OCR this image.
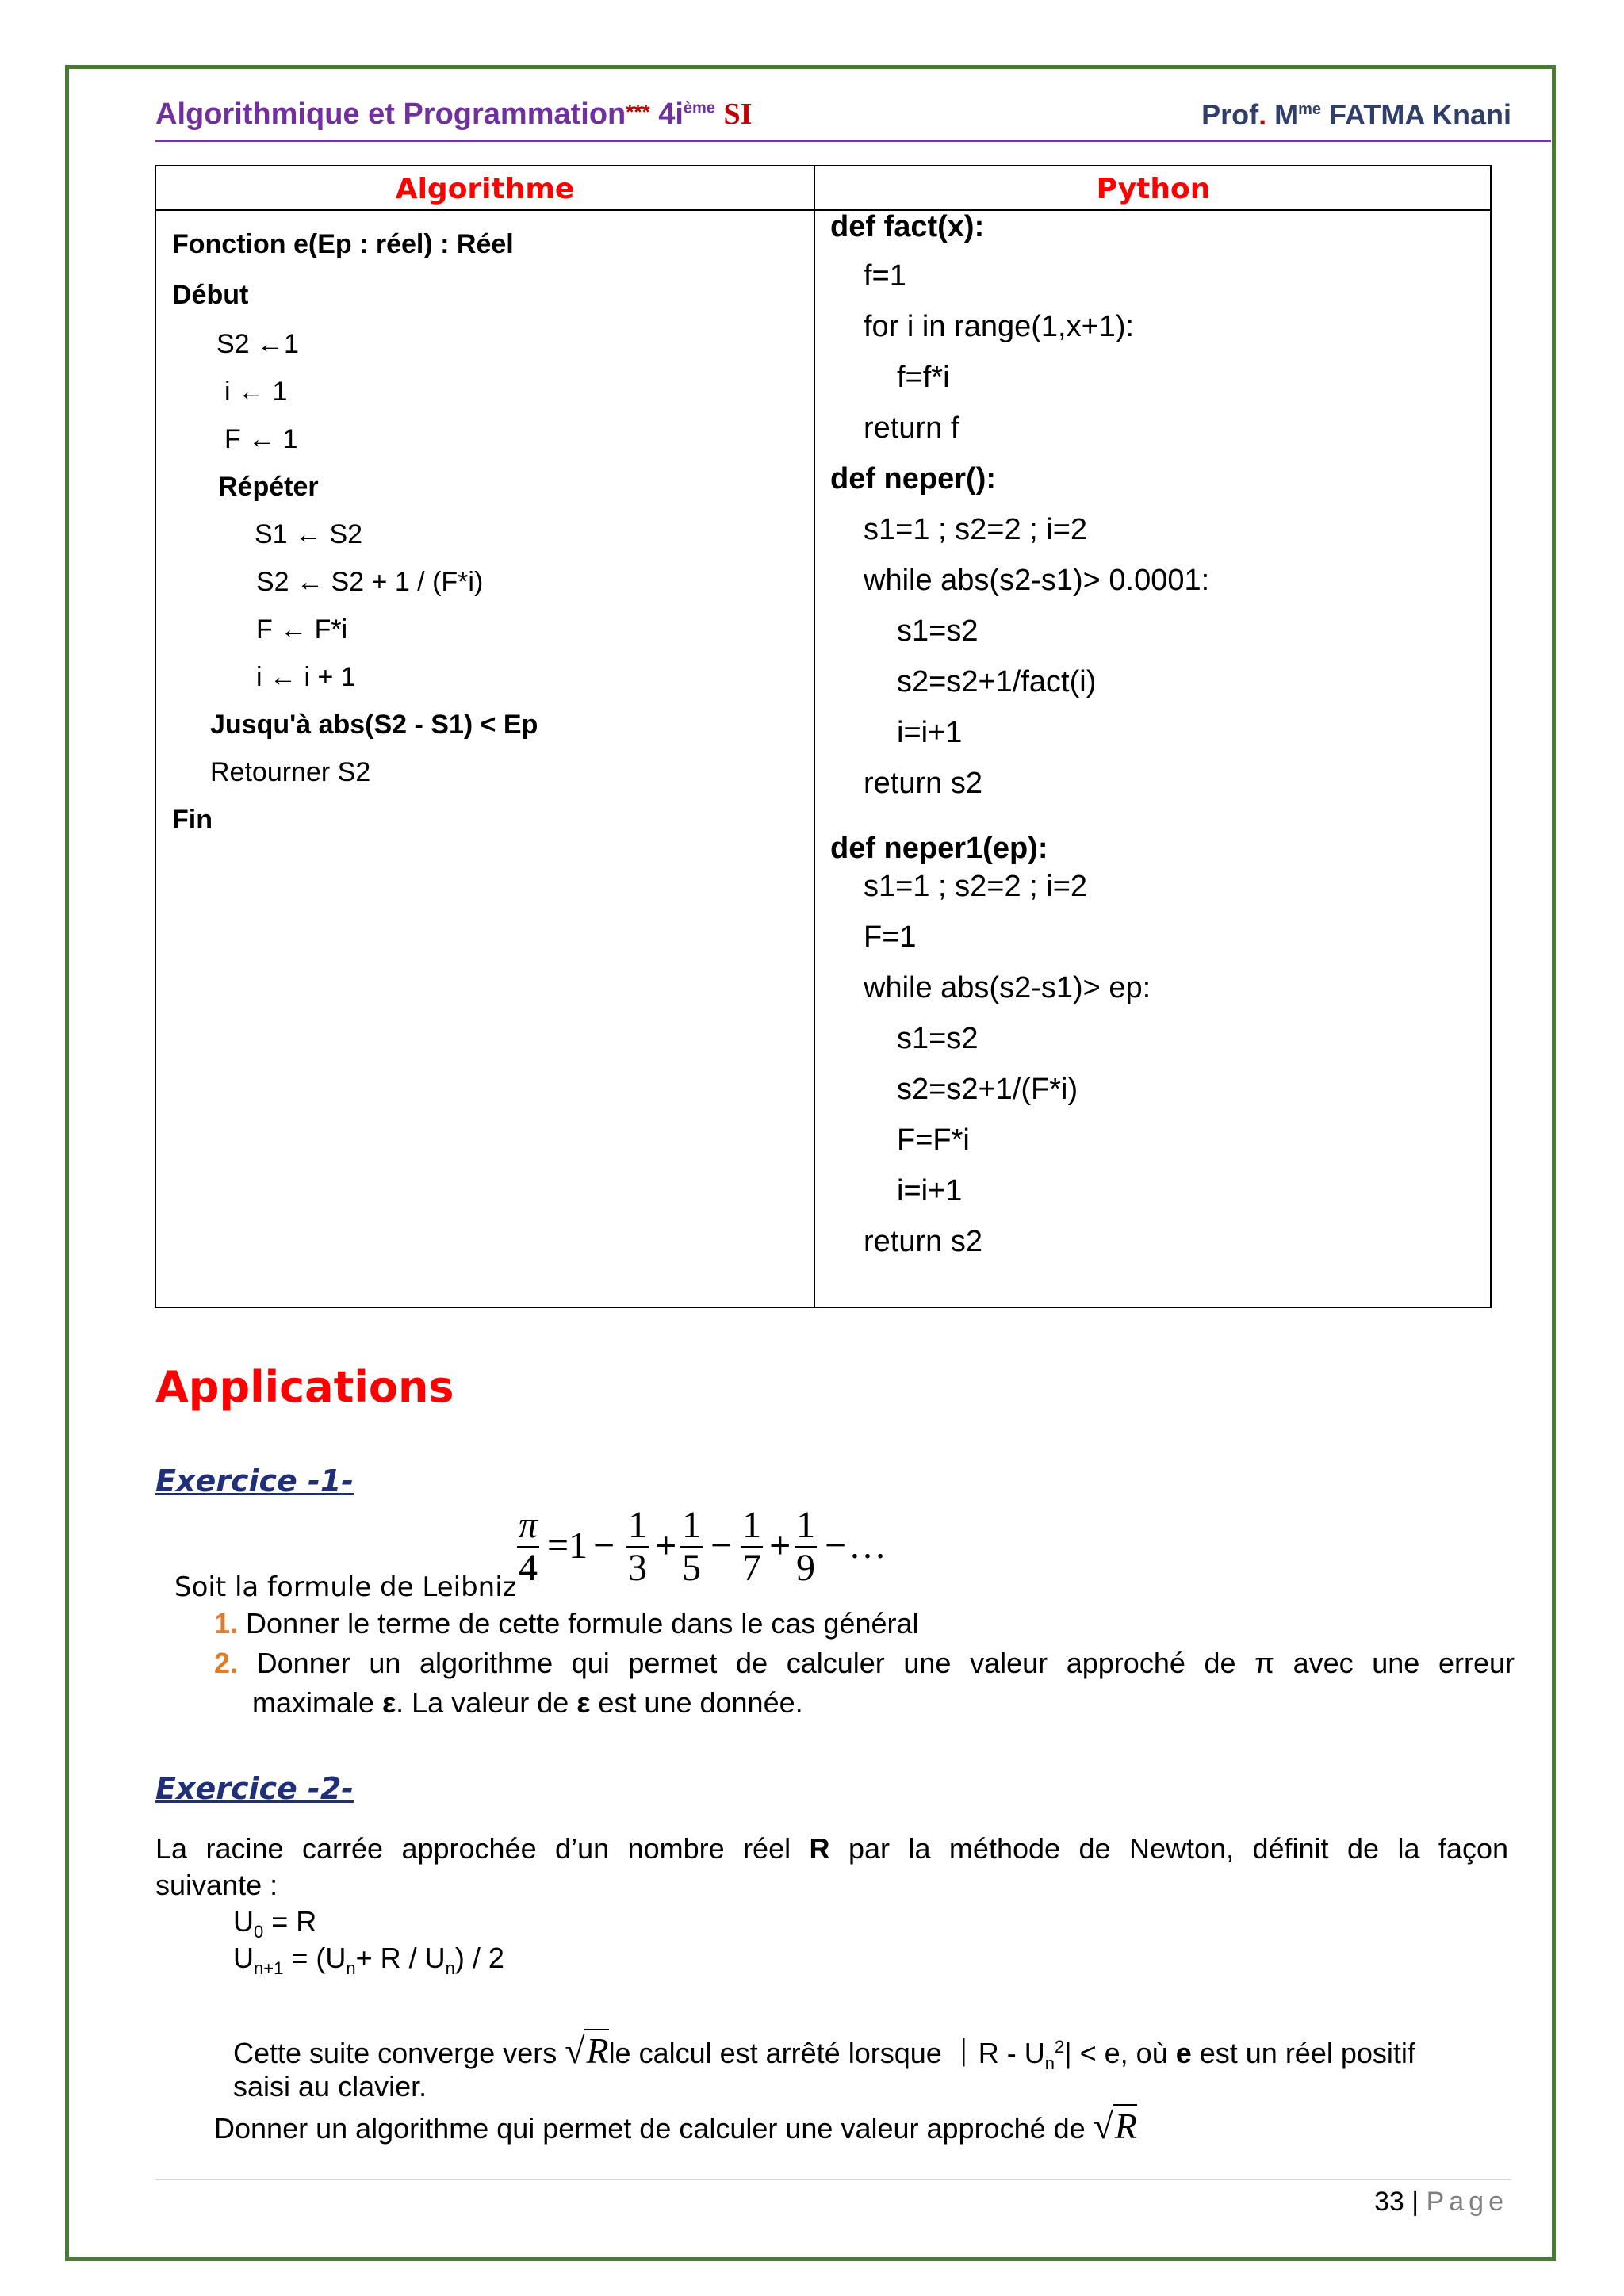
Algorithmique et Programmation*** $4i^{ème}$ SI	Prof. $M^{me}$ FATMA Knani
Algorithme	Python
Fonction e(Ep : réel) : Réel
Début
S2 ←1
i ← 1
F ← 1
Répéter
S1 ← S2
S2 ← S2 + 1 / (F*i)
F ← F*i
i ← i + 1
Jusqu'à abs(S2 - S1) < Ep
Retourner S2
Fin
def fact(x):
f=1
for i in range(1,x+1):
f=f*i
return f
def neper():
s1=1 ; s2=2 ; i=2
while abs(s2-s1)> 0.0001:
s1=s2
s2=s2+1/fact(i)
i=i+1
return s2
def neper1(ep):
s1=1 ; s2=2 ; i=2
F=1
while abs(s2-s1)> ep:
s1=s2
s2=s2+1/(F*i)
F=F*i
i=i+1
return s2
Applications
Exercice -1-
Soit la formule de Leibniz $\frac{\pi}{4} =1 - \frac{1}{3} + \frac{1}{5} - \frac{1}{7} + \frac{1}{9}$ − …
1. Donner le terme de cette formule dans le cas général
2. Donner un algorithme qui permet de calculer une valeur approché de π avec une erreur
maximale ε. La valeur de ε est une donnée.
Exercice -2-
La racine carrée approchée d’un nombre réel R par la méthode de Newton, définit de la façon
suivante :
$U_0 = R$
$U_{n+1} = (U_n+ R / U_n) / 2$
Cette suite converge vers √Rle calcul est arrêté lorsque ｜R - $U_n^2| < e$, où e est un réel positif
saisi au clavier.
Donner un algorithme qui permet de calculer une valeur approché de √R
33 | Page
